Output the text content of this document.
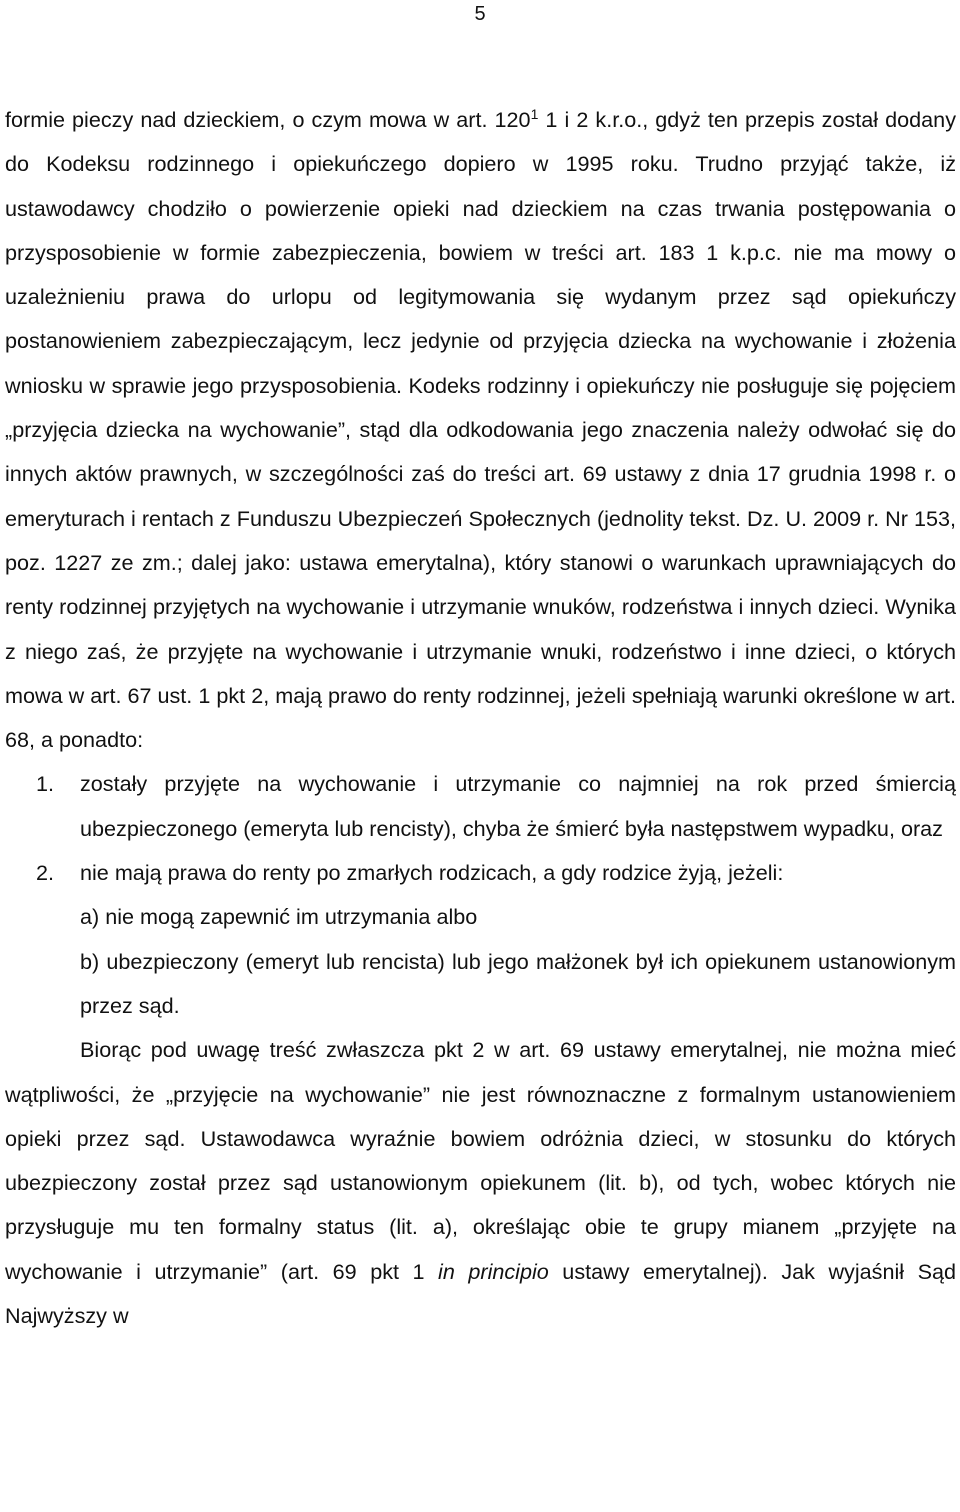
5

formie pieczy nad dzieckiem, o czym mowa w art. $120^1$ 1 i 2 k.r.o., gdyż ten przepis został dodany do Kodeksu rodzinnego i opiekuńczego dopiero w 1995 roku. Trudno przyjąć także, iż ustawodawcy chodziło o powierzenie opieki nad dzieckiem na czas trwania postępowania o przysposobienie w formie zabezpieczenia, bowiem w treści art. 183 1 k.p.c. nie ma mowy o uzależnieniu prawa do urlopu od legitymowania się wydanym przez sąd opiekuńczy postanowieniem zabezpieczającym, lecz jedynie od przyjęcia dziecka na wychowanie i złożenia wniosku w sprawie jego przysposobienia. Kodeks rodzinny i opiekuńczy nie posługuje się pojęciem „przyjęcia dziecka na wychowanie”, stąd dla odkodowania jego znaczenia należy odwołać się do innych aktów prawnych, w szczególności zaś do treści art. 69 ustawy z dnia 17 grudnia 1998 r. o emeryturach i rentach z Funduszu Ubezpieczeń Społecznych (jednolity tekst. Dz. U. 2009 r. Nr 153, poz. 1227 ze zm.; dalej jako: ustawa emerytalna), który stanowi o warunkach uprawniających do renty rodzinnej przyjętych na wychowanie i utrzymanie wnuków, rodzeństwa i innych dzieci. Wynika z niego zaś, że przyjęte na wychowanie i utrzymanie wnuki, rodzeństwo i inne dzieci, o których mowa w art. 67 ust. 1 pkt 2, mają prawo do renty rodzinnej, jeżeli spełniają warunki określone w art. 68, a ponadto:

1.	zostały przyjęte na wychowanie i utrzymanie co najmniej na rok przed śmiercią ubezpieczonego (emeryta lub rencisty), chyba że śmierć była następstwem wypadku, oraz
2.	nie mają prawa do renty po zmarłych rodzicach, a gdy rodzice żyją, jeżeli:

a) nie mogą zapewnić im utrzymania albo

b) ubezpieczony (emeryt lub rencista) lub jego małżonek był ich opiekunem ustanowionym przez sąd.

Biorąc pod uwagę treść zwłaszcza pkt 2 w art. 69 ustawy emerytalnej, nie można mieć wątpliwości, że „przyjęcie na wychowanie” nie jest równoznaczne z formalnym ustanowieniem opieki przez sąd. Ustawodawca wyraźnie bowiem odróżnia dzieci, w stosunku do których ubezpieczony został przez sąd ustanowionym opiekunem (lit. b), od tych, wobec których nie przysługuje mu ten formalny status (lit. a), określając obie te grupy mianem „przyjęte na wychowanie i utrzymanie” (art. 69 pkt 1 in principio ustawy emerytalnej). Jak wyjaśnił Sąd Najwyższy w
